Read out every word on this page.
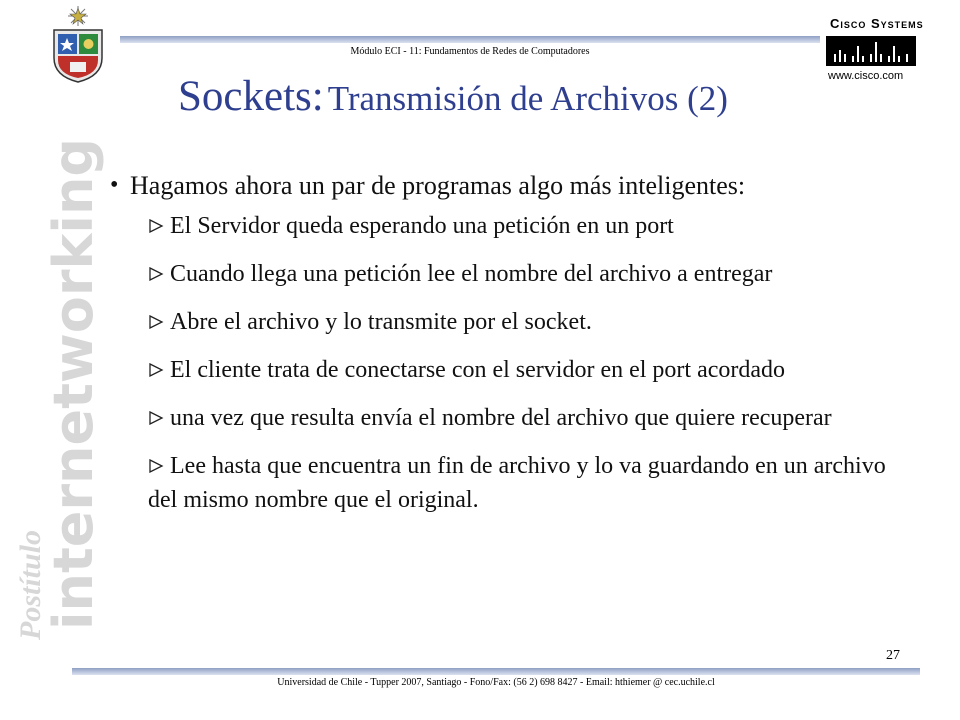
Módulo ECI - 11: Fundamentos de Redes de Computadores
Cisco Systems
www.cisco.com
internetworking
Postítulo
Sockets: Transmisión de Archivos (2)
• Hagamos ahora un par de programas algo más inteligentes:
El Servidor queda esperando una petición en un port
Cuando llega una petición lee el nombre del archivo a entregar
Abre el archivo y lo transmite por el socket.
El cliente trata de conectarse con el servidor en el port acordado
una vez que resulta envía el nombre del archivo que quiere recuperar
Lee hasta que encuentra un fin de archivo y lo va guardando en un archivo del mismo nombre que el original.
27
Universidad de Chile - Tupper 2007, Santiago - Fono/Fax: (56 2) 698 8427 - Email: hthiemer @ cec.uchile.cl
